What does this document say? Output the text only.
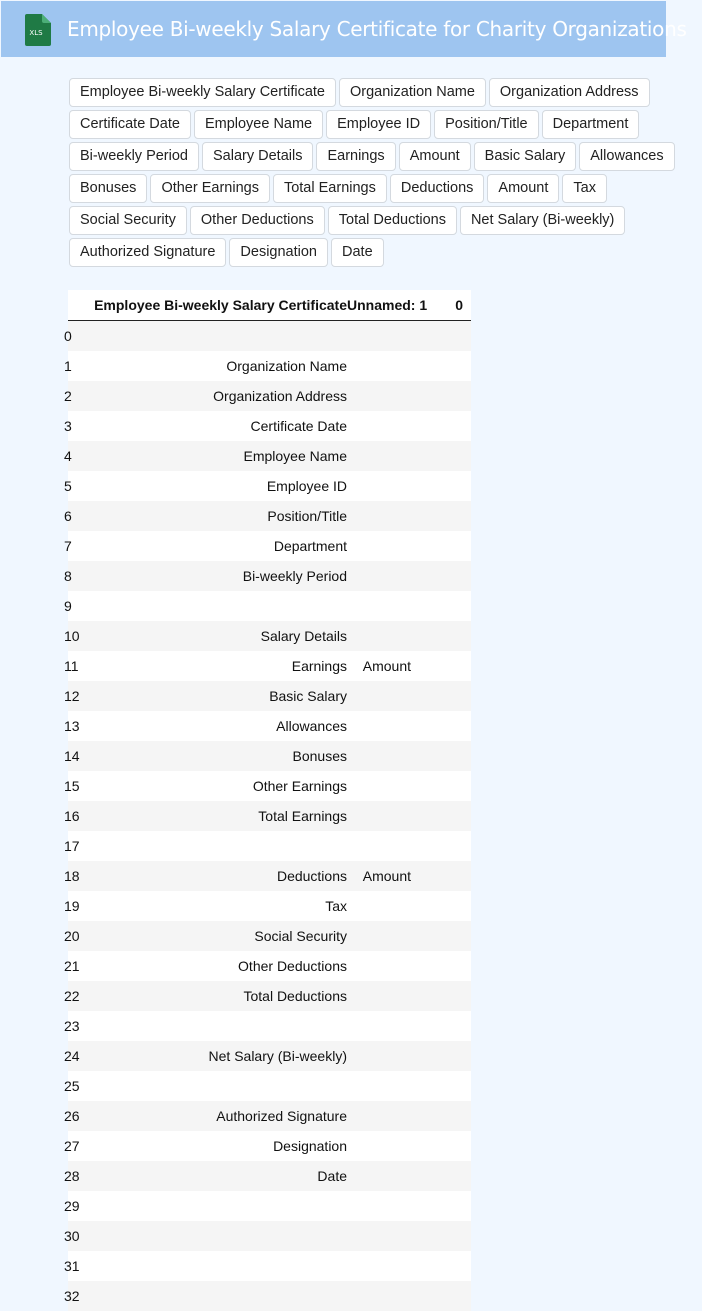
XLS Employee Bi-weekly Salary Certificate for Charity Organizations
Employee Bi-weekly Salary Certificate	Organization Name	Organization Address
Certificate Date	Employee Name	Employee ID	Position/Title	Department
Bi-weekly Period	Salary Details	Earnings	Amount	Basic Salary	Allowances
Bonuses	Other Earnings	Total Earnings	Deductions	Amount	Tax
Social Security	Other Deductions	Total Deductions	Net Salary (Bi-weekly)
Authorized Signature	Designation	Date
	Employee Bi-weekly Salary Certificate	Unnamed: 1	0
0			
1	Organization Name		
2	Organization Address		
3	Certificate Date		
4	Employee Name		
5	Employee ID		
6	Position/Title		
7	Department		
8	Bi-weekly Period		
9			
10	Salary Details		
11	Earnings	Amount	
12	Basic Salary		
13	Allowances		
14	Bonuses		
15	Other Earnings		
16	Total Earnings		
17			
18	Deductions	Amount	
19	Tax		
20	Social Security		
21	Other Deductions		
22	Total Deductions		
23			
24	Net Salary (Bi-weekly)		
25			
26	Authorized Signature		
27	Designation		
28	Date		
29			
30			
31			
32			
